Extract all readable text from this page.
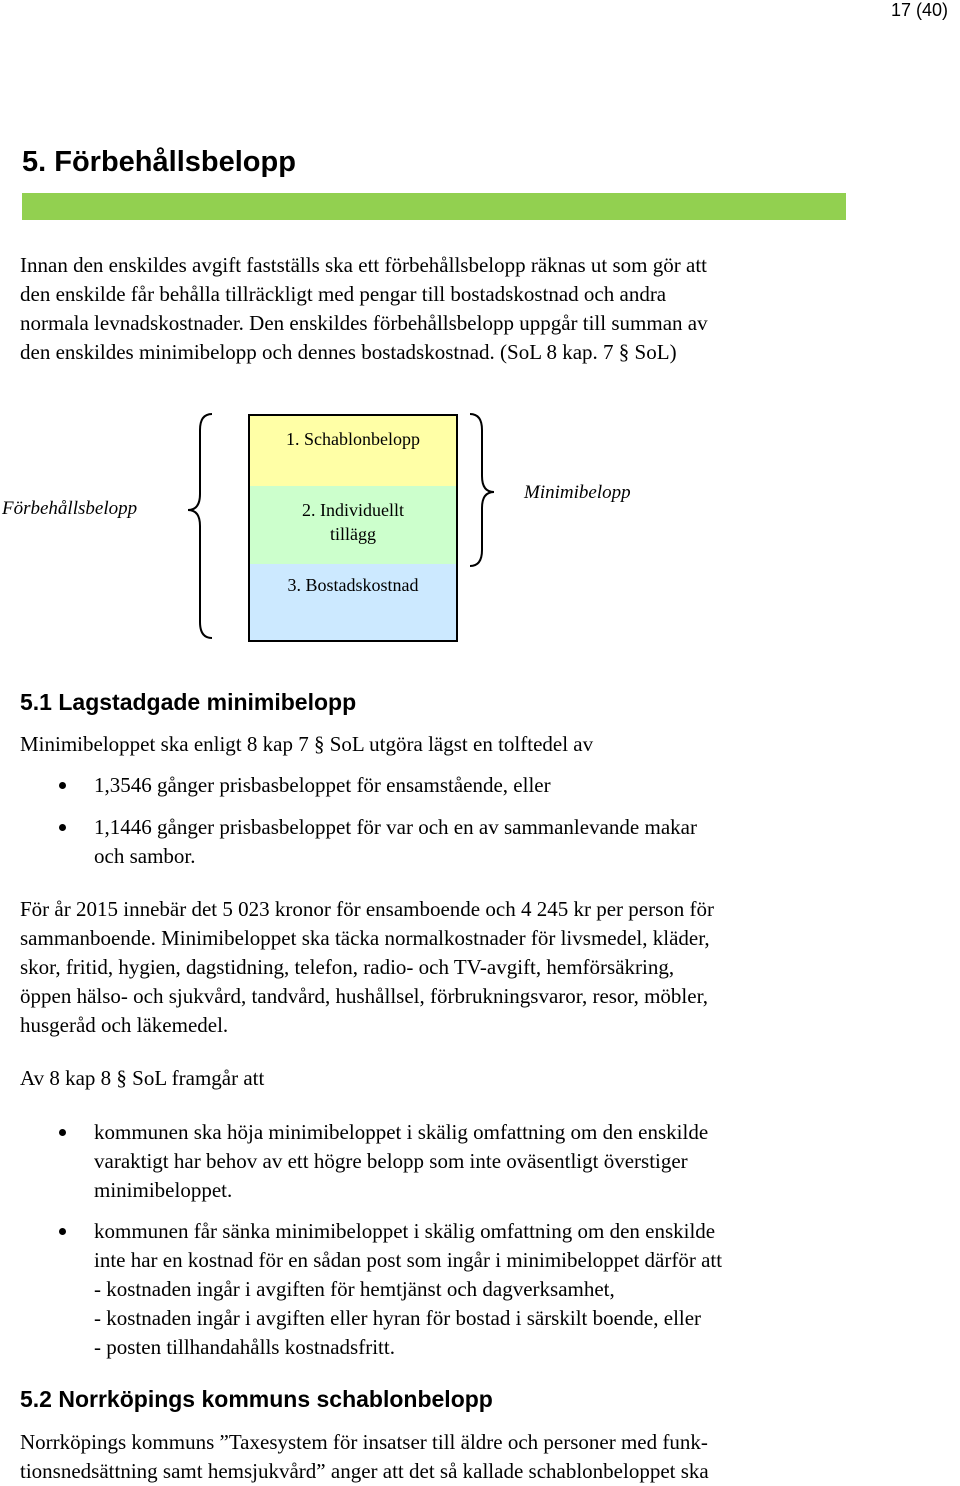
17 (40)
5. Förbehållsbelopp
Innan den enskildes avgift fastställs ska ett förbehållsbelopp räknas ut som gör att
den enskilde får behålla tillräckligt med pengar till bostadskostnad och andra
normala levnadskostnader. Den enskildes förbehållsbelopp uppgår till summan av
den enskildes minimibelopp och dennes bostadskostnad. (SoL 8 kap. 7 § SoL)
Förbehållsbelopp
Minimibelopp
1. Schablonbelopp
2. Individuellt
tillägg
3. Bostadskostnad
5.1 Lagstadgade minimibelopp
Minimibeloppet ska enligt 8 kap 7 § SoL utgöra lägst en tolftedel av
1,3546 gånger prisbasbeloppet för ensamstående, eller
1,1446 gånger prisbasbeloppet för var och en av sammanlevande makar
och sambor.
För år 2015 innebär det 5 023 kronor för ensamboende och 4 245 kr per person för
sammanboende. Minimibeloppet ska täcka normalkostnader för livsmedel, kläder,
skor, fritid, hygien, dagstidning, telefon, radio- och TV-avgift, hemförsäkring,
öppen hälso- och sjukvård, tandvård, hushållsel, förbrukningsvaror, resor, möbler,
husgeråd och läkemedel.
Av 8 kap 8 § SoL framgår att
kommunen ska höja minimibeloppet i skälig omfattning om den enskilde
varaktigt har behov av ett högre belopp som inte oväsentligt överstiger
minimibeloppet.
kommunen får sänka minimibeloppet i skälig omfattning om den enskilde
inte har en kostnad för en sådan post som ingår i minimibeloppet därför att
- kostnaden ingår i avgiften för hemtjänst och dagverksamhet,
- kostnaden ingår i avgiften eller hyran för bostad i särskilt boende, eller
- posten tillhandahålls kostnadsfritt.
5.2 Norrköpings kommuns schablonbelopp
Norrköpings kommuns ”Taxesystem för insatser till äldre och personer med funk-
tionsnedsättning samt hemsjukvård” anger att det så kallade schablonbeloppet ska
